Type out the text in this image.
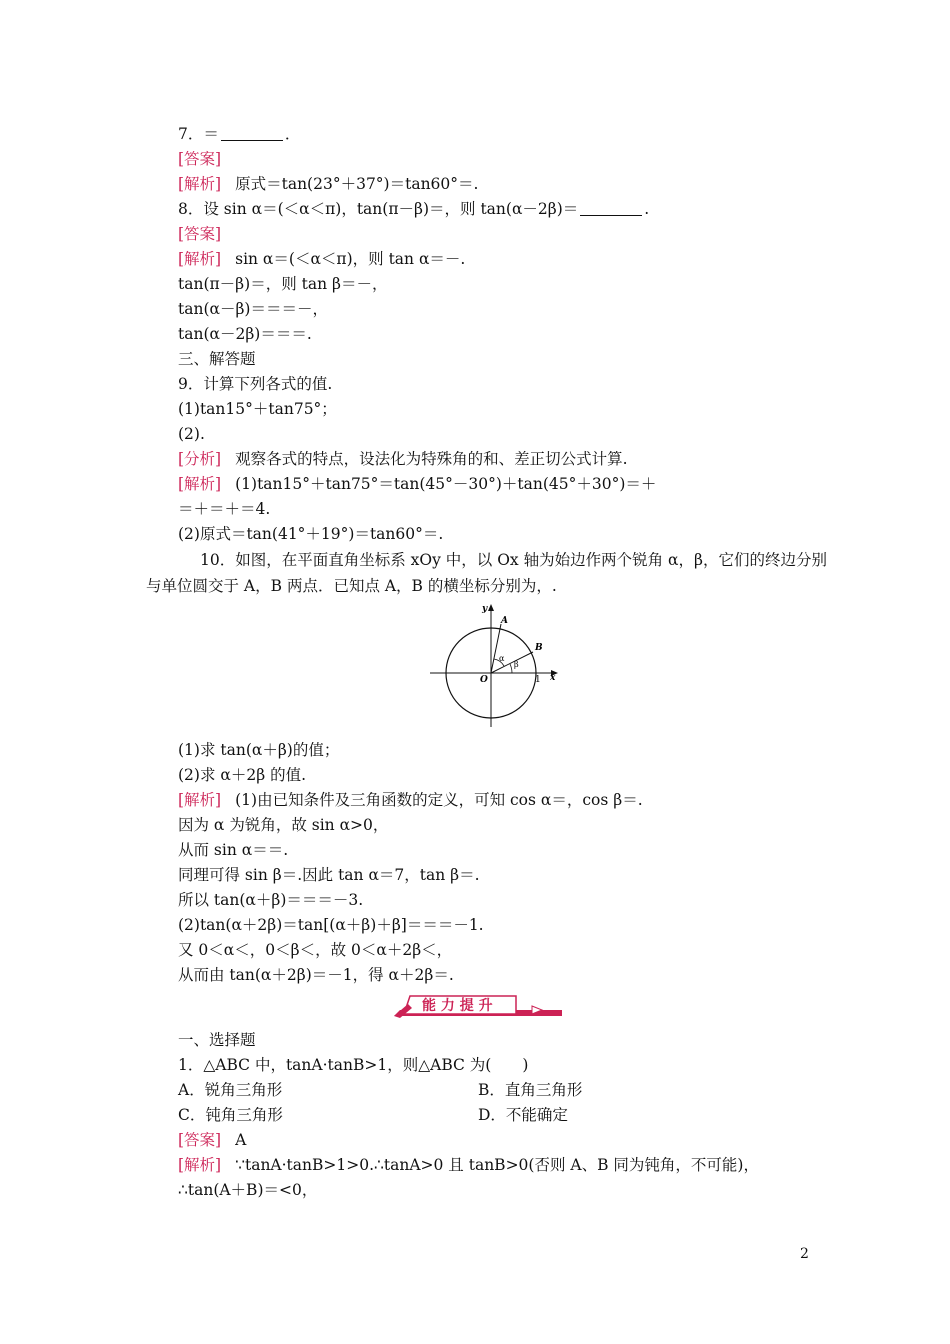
7．＝	．
[答案]
[解析] 原式＝tan(23°＋37°)＝tan60°＝.
8．设 sin α＝(＜α＜π)，tan(π－β)＝，则 tan(α－2β)＝	.
[答案]
[解析] sin α＝(＜α＜π)，则 tan α＝－.
tan(π－β)＝，则 tan β＝－，
tan(α－β)＝＝＝－，
tan(α－2β)＝＝＝.
三、解答题
9．计算下列各式的值.
(1)tan15°＋tan75°；
(2).
[分析] 观察各式的特点，设法化为特殊角的和、差正切公式计算.
[解析] (1)tan15°＋tan75°＝tan(45°－30°)＋tan(45°＋30°)＝＋
＝＋＝＋＝4.
(2)原式＝tan(41°＋19°)＝tan60°＝.
10．如图，在平面直角坐标系 xOy 中，以 Ox 轴为始边作两个锐角 α，β，它们的终边分别
与单位圆交于 A，B 两点．已知点 A，B 的横坐标分别为，.
(1)求 tan(α＋β)的值；
(2)求 α＋2β 的值.
[解析] (1)由已知条件及三角函数的定义，可知 cos α＝，cos β＝.
因为 α 为锐角，故 sin α>0，
从而 sin α＝＝.
同理可得 sin β＝.因此 tan α＝7，tan β＝.
所以 tan(α＋β)＝＝＝－3.
(2)tan(α＋2β)＝tan[(α＋β)＋β]＝＝＝－1.
又 0＜α＜，0＜β＜，故 0＜α＋2β＜，
从而由 tan(α＋2β)＝－1，得 α＋2β＝.
一、选择题
1．△ABC 中，tanA·tanB>1，则△ABC 为(　　)
[答案] A
[解析] ∵tanA·tanB>1>0.∴tanA>0 且 tanB>0(否则 A、B 同为钝角，不可能)，
∴tan(A＋B)＝<0，
A．锐角三角形	B．直角三角形
C．钝角三角形	D．不能确定
y
x
O	1
A
B
α
β
能 力 提 升
2
